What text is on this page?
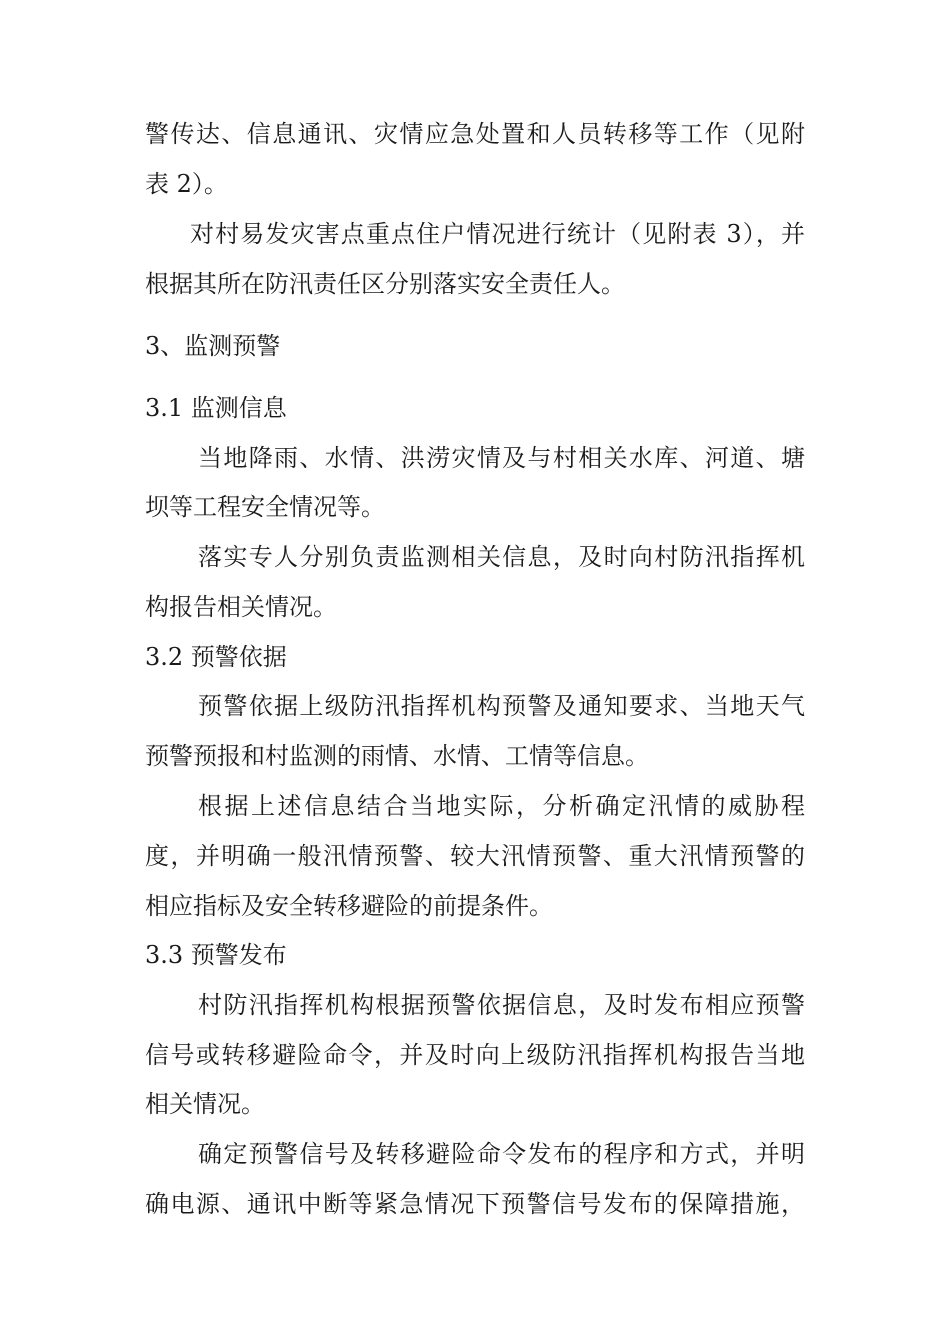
警传达、信息通讯、灾情应急处置和人员转移等工作（见附
表 2）。
对村易发灾害点重点住户情况进行统计（见附表 3），并
根据其所在防汛责任区分别落实安全责任人。
3、监测预警
3.1 监测信息
当地降雨、水情、洪涝灾情及与村相关水库、河道、塘
坝等工程安全情况等。
落实专人分别负责监测相关信息，及时向村防汛指挥机
构报告相关情况。
3.2 预警依据
预警依据上级防汛指挥机构预警及通知要求、当地天气
预警预报和村监测的雨情、水情、工情等信息。
根据上述信息结合当地实际，分析确定汛情的威胁程
度，并明确一般汛情预警、较大汛情预警、重大汛情预警的
相应指标及安全转移避险的前提条件。
3.3 预警发布
村防汛指挥机构根据预警依据信息，及时发布相应预警
信号或转移避险命令，并及时向上级防汛指挥机构报告当地
相关情况。
确定预警信号及转移避险命令发布的程序和方式，并明
确电源、通讯中断等紧急情况下预警信号发布的保障措施，
